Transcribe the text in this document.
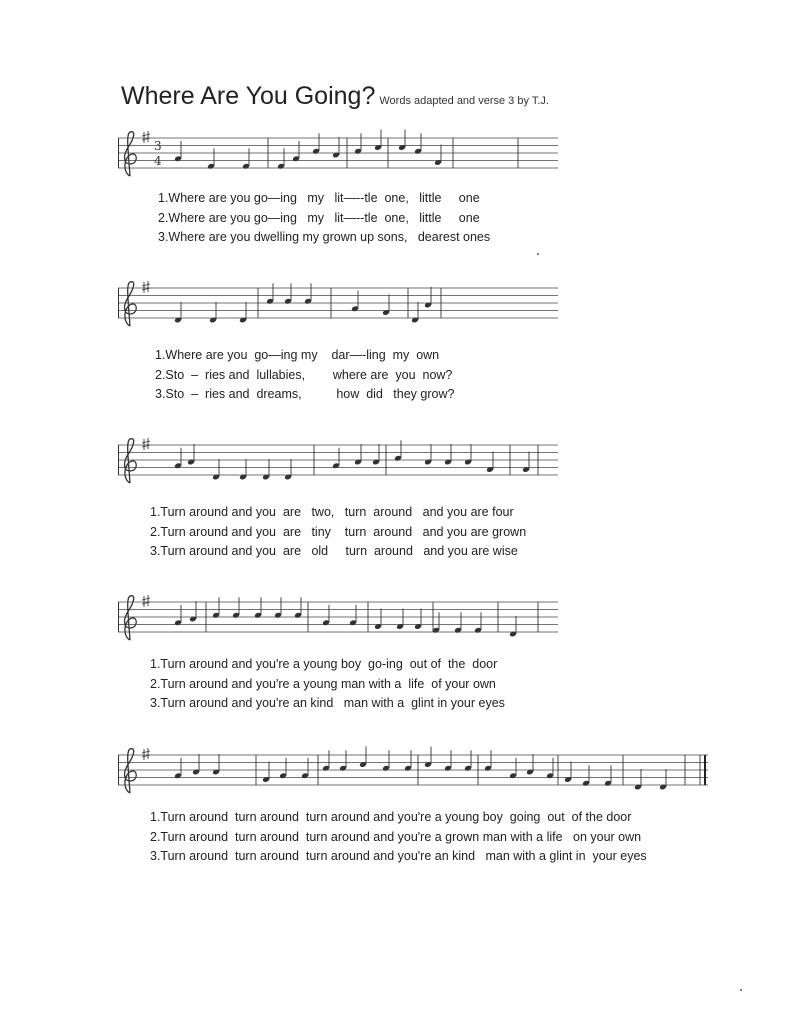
Where Are You Going? Words adapted and verse 3 by T.J.
3
4
1.Where are you go—ing   my   lit—--tle  one,   little     one
2.Where are you go—ing   my   lit—--tle  one,   little     one
3.Where are you dwelling my grown up sons,   dearest ones
1.Where are you  go—ing my    dar—-ling  my  own
2.Sto  –  ries and  lullabies,        where are  you  now?
3.Sto  –  ries and  dreams,          how  did   they grow?
1.Turn around and you  are   two,   turn  around   and you are four
2.Turn around and you  are   tiny    turn  around   and you are grown
3.Turn around and you  are   old     turn  around   and you are wise
1.Turn around and you're a young boy  go-ing  out of  the  door
2.Turn around and you're a young man with a  life  of your own
3.Turn around and you're an kind   man with a  glint in your eyes
1.Turn around  turn around  turn around and you're a young boy  going  out  of the door
2.Turn around  turn around  turn around and you're a grown man with a life   on your own
3.Turn around  turn around  turn around and you're an kind   man with a glint in  your eyes
